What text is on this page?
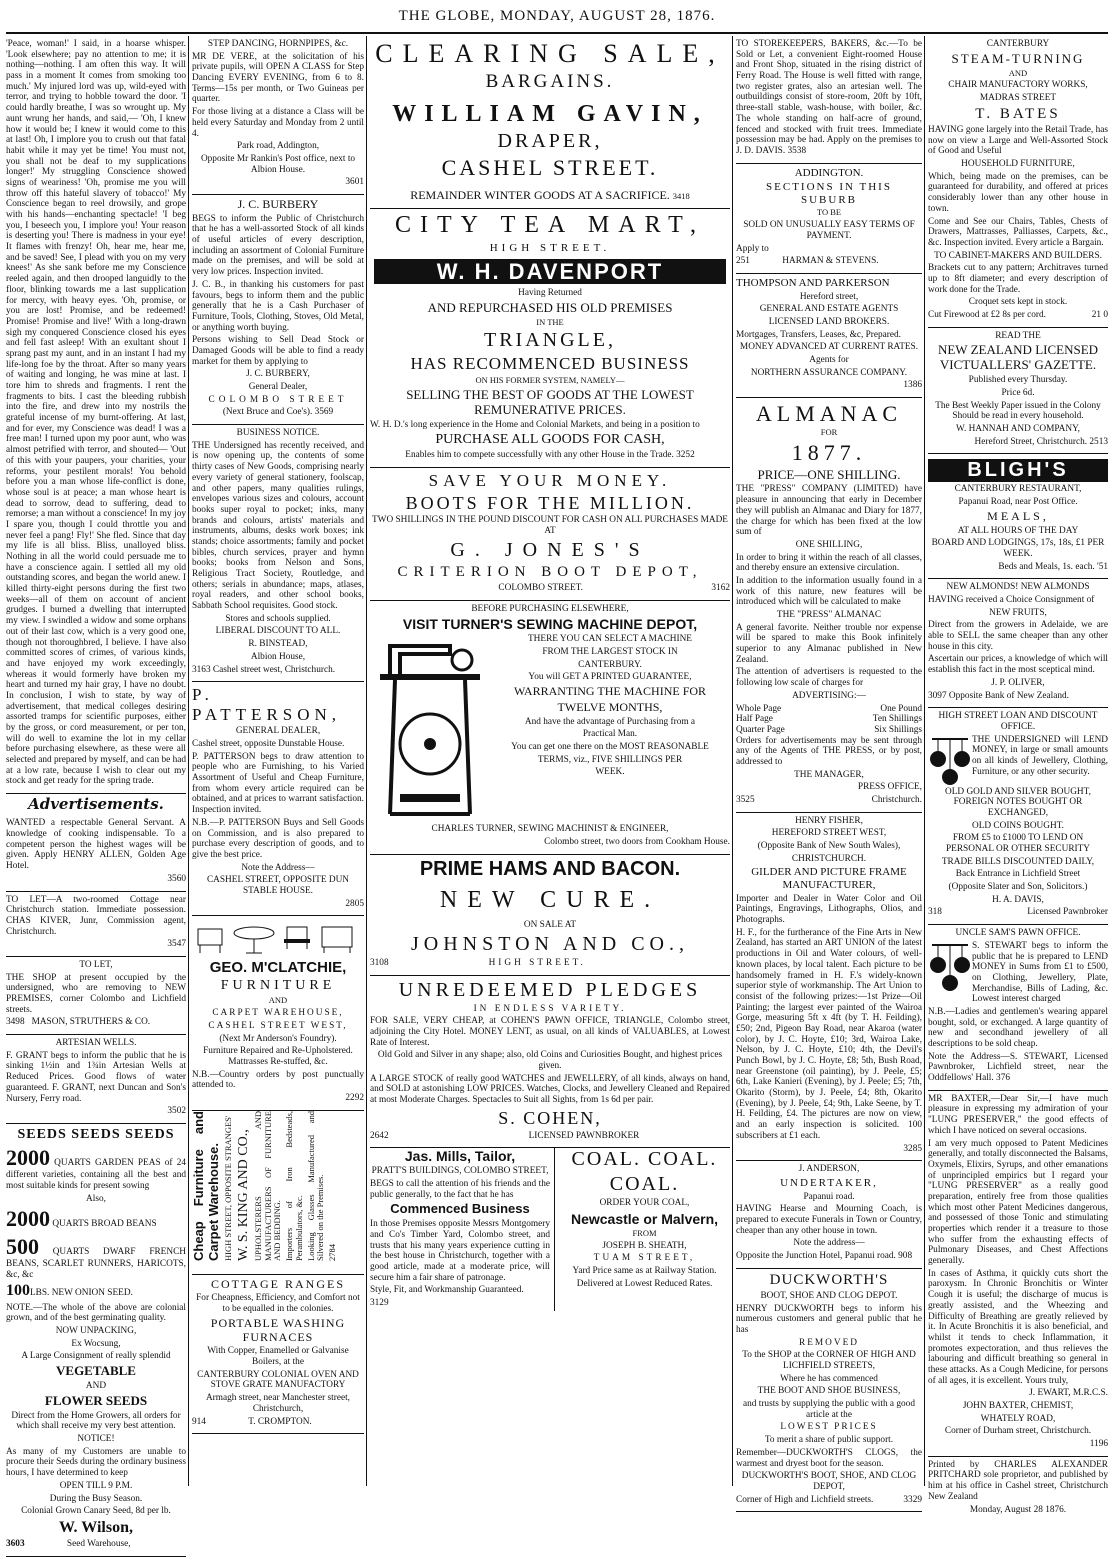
THE GLOBE, MONDAY, AUGUST 28, 1876.

'Peace, woman!' I said, in a hoarse whisper. 'Look elsewhere; pay no attention to me; it is nothing—nothing. I am often this way. It will pass in a moment It comes from smoking too much.' My injured lord was up, wild-eyed with terror, and trying to hobble toward the door. 'I could hardly breathe, I was so wrought up. My aunt wrung her hands, and said,— 'Oh, I knew how it would be; I knew it would come to this at last! Oh, I implore you to crush out that fatal habit while it may yet be time! You must not, you shall not be deaf to my supplications longer!' My struggling Conscience showed signs of weariness! 'Oh, promise me you will throw off this hateful slavery of tobacco!' My Conscience began to reel drowsily, and grope with his hands—enchanting spectacle! 'I beg you, I beseech you, I implore you! Your reason is deserting you! There is madness in your eye! It flames with frenzy! Oh, hear me, hear me, and be saved! See, I plead with you on my very knees!' As she sank before me my Conscience reeled again, and then drooped languidly to the floor, blinking towards me a last supplication for mercy, with heavy eyes. 'Oh, promise, or you are lost! Promise, and be redeemed! Promise! Promise and live!' With a long-drawn sigh my conquered Conscience closed his eyes and fell fast asleep! With an exultant shout I sprang past my aunt, and in an instant I had my life-long foe by the throat. After so many years of waiting and longing, he was mine at last. I tore him to shreds and fragments. I rent the fragments to bits. I cast the bleeding rubbish into the fire, and drew into my nostrils the grateful incense of my burnt-offering. At last, and for ever, my Conscience was dead! I was a free man! I turned upon my poor aunt, who was almost petrified with terror, and shouted— 'Out of this with your paupers, your charities, your reforms, your pestilent morals! You behold before you a man whose life-conflict is done, whose soul is at peace; a man whose heart is dead to sorrow, dead to suffering, dead to remorse; a man without a conscience! In my joy I spare you, though I could throttle you and never feel a pang! Fly!' She fled. Since that day my life is all bliss. Bliss, unalloyed bliss. Nothing in all the world could persuade me to have a conscience again. I settled all my old outstanding scores, and began the world anew. I killed thirty-eight persons during the first two weeks—all of them on account of ancient grudges. I burned a dwelling that interrupted my view. I swindled a widow and some orphans out of their last cow, which is a very good one, though not thoroughbred, I believe. I have also committed scores of crimes, of various kinds, and have enjoyed my work exceedingly, whereas it would formerly have broken my heart and turned my hair gray, I have no doubt. In conclusion, I wish to state, by way of advertisement, that medical colleges desiring assorted tramps for scientific purposes, either by the gross, or cord measurement, or per ton, will do well to examine the lot in my cellar before purchasing elsewhere, as these were all selected and prepared by myself, and can be had at a low rate, because I wish to clear out my stock and get ready for the spring trade.

Advertisements.

WANTED a respectable General Servant. A knowledge of cooking indispensable. To a competent person the highest wages will be given. Apply HENRY ALLEN, Golden Age Hotel.

3560

TO LET—A two-roomed Cottage near Christchurch station. Immediate possession. CHAS KIVER, Junr, Commission agent, Christchurch.

3547

TO LET,

THE SHOP at present occupied by the undersigned, who are removing to NEW PREMISES, corner Colombo and Lichfield streets.

3498 MASON, STRUTHERS & CO.

ARTESIAN WELLS.

F. GRANT begs to inform the public that he is sinking 1½in and 1¾in Artesian Wells at Reduced Prices. Good flows of water guaranteed. F. GRANT, next Duncan and Son's Nursery, Ferry road.

3502

SEEDS SEEDS SEEDS

2000 QUARTS GARDEN PEAS of 24 different varieties, containing all the best and most suitable kinds for present sowing

Also,

2000 QUARTS BROAD BEANS

500 QUARTS DWARF FRENCH BEANS, SCARLET RUNNERS, HARICOTS, &c, &c

100LBS. NEW ONION SEED.

NOTE.—The whole of the above are colonial grown, and of the best germinating quality.

NOW UNPACKING,

Ex Wocsung,

A Large Consignment of really splendid

VEGETABLE

AND

FLOWER SEEDS

Direct from the Home Growers, all orders for which shall receive my very best attention.

NOTICE!

As many of my Customers are unable to procure their Seeds during the ordinary business hours, I have determined to keep

OPEN TILL 9 P.M.

During the Busy Season.

Colonial Grown Canary Seed, 8d per lb.

W. Wilson,

3603	Seed Warehouse,

STEP DANCING, HORNPIPES, &c.

MR DE VERE, at the solicitation of his private pupils, will OPEN A CLASS for Step Dancing EVERY EVENING, from 6 to 8. Terms—15s per month, or Two Guineas per quarter.

For those living at a distance a Class will be held every Saturday and Monday from 2 until 4.

Park road, Addington,

Opposite Mr Rankin's Post office, next to Albion House.

3601

J. C. BURBERY

BEGS to inform the Public of Christchurch that he has a well-assorted Stock of all kinds of useful articles of every description, including an assortment of Colonial Furniture made on the premises, and will be sold at very low prices. Inspection invited.

J. C. B., in thanking his customers for past favours, begs to inform them and the public generally that he is a Cash Purchaser of Furniture, Tools, Clothing, Stoves, Old Metal, or anything worth buying.

Persons wishing to Sell Dead Stock or Damaged Goods will be able to find a ready market for them by applying to

J. C. BURBERY,

General Dealer,

COLOMBO STREET

(Next Bruce and Coe's). 3569

BUSINESS NOTICE.

THE Undersigned has recently received, and is now opening up, the contents of some thirty cases of New Goods, comprising nearly every variety of general stationery, foolscap, and other papers, many qualities rulings, envelopes various sizes and colours, account books super royal to pocket; inks, many brands and colours, artists' materials and instruments, albums, desks work boxes; ink stands; choice assortments; family and pocket bibles, church services, prayer and hymn books; books from Nelson and Sons, Religious Tract Society, Routledge, and others; serials in abundance; maps, atlases, royal readers, and other school books, Sabbath School requisites. Good stock.

Stores and schools supplied.

LIBERAL DISCOUNT TO ALL.

R. BINSTEAD,

Albion House,

3163 Cashel street west, Christchurch.

P. PATTERSON,

GENERAL DEALER,

Cashel street, opposite Dunstable House.

P. PATTERSON begs to draw attention to people who are Furnishing, to his Varied Assortment of Useful and Cheap Furniture, from whom every article required can be obtained, and at prices to warrant satisfaction. Inspection invited.

N.B.—P. PATTERSON Buys and Sell Goods on Commission, and is also prepared to purchase every description of goods, and to give the best price.

Note the Address—

CASHEL STREET, OPPOSITE DUN STABLE HOUSE.

2805

GEO. M'CLATCHIE,

FURNITURE

AND

CARPET WAREHOUSE,

CASHEL STREET WEST,

(Next Mr Anderson's Foundry).

Furniture Repaired and Re-Upholstered. Mattrasses Re-stuffed, &c.

N.B.—Country orders by post punctually attended to.

2292

Cheap Furniture and Carpet Warehouse. HIGH STREET, OPPOSITE STRANGES' W. S. KING AND CO., UPHOLSTERERS AND MANUFACTURERS OF FURNITURE AND BEDDING. Importers of Iron Bedsteads, Perambulators, &c. Looking Glasses Manufactured and Silvered on the Premises. 2784

COTTAGE RANGES

For Cheapness, Efficiency, and Comfort not to be equalled in the colonies.

PORTABLE WASHING FURNACES

With Copper, Enamelled or Galvanise Boilers, at the

CANTERBURY COLONIAL OVEN AND STOVE GRATE MANUFACTORY

Armagh street, near Manchester street, Christchurch,

914	T. CROMPTON.

CLEARING SALE,

BARGAINS.

WILLIAM GAVIN,

DRAPER,

CASHEL STREET.

REMAINDER WINTER GOODS AT A SACRIFICE. 3418

CITY TEA MART,

HIGH STREET.

W. H. DAVENPORT

Having Returned

AND REPURCHASED HIS OLD PREMISES

IN THE

TRIANGLE,

HAS RECOMMENCED BUSINESS

ON HIS FORMER SYSTEM, NAMELY—

SELLING THE BEST OF GOODS AT THE LOWEST REMUNERATIVE PRICES.

W. H. D.'s long experience in the Home and Colonial Markets, and being in a position to

PURCHASE ALL GOODS FOR CASH,

Enables him to compete successfully with any other House in the Trade. 3252

SAVE YOUR MONEY.

BOOTS FOR THE MILLION.

TWO SHILLINGS IN THE POUND DISCOUNT FOR CASH ON ALL PURCHASES MADE AT

G. JONES'S

CRITERION BOOT DEPOT,

COLOMBO STREET.	3162

BEFORE PURCHASING ELSEWHERE,

VISIT TURNER'S SEWING MACHINE DEPOT,

THERE YOU CAN SELECT A MACHINE

FROM THE LARGEST STOCK IN

CANTERBURY.

You will GET A PRINTED GUARANTEE,

WARRANTING THE MACHINE FOR

TWELVE MONTHS,

And have the advantage of Purchasing from a

Practical Man.

You can get one there on the MOST REASONABLE

TERMS, viz., FIVE SHILLINGS PER

WEEK.

CHARLES TURNER, SEWING MACHINIST & ENGINEER,

Colombo street, two doors from Cookham House.

PRIME HAMS AND BACON.

NEW CURE.

ON SALE AT

JOHNSTON AND CO.,

3108	HIGH STREET.

UNREDEEMED PLEDGES

IN ENDLESS VARIETY.

FOR SALE, VERY CHEAP, at COHEN'S PAWN OFFICE, TRIANGLE, Colombo street, adjoining the City Hotel. MONEY LENT, as usual, on all kinds of VALUABLES, at Lowest Rate of Interest.

Old Gold and Silver in any shape; also, old Coins and Curiosities Bought, and highest prices given.

A LARGE STOCK of really good WATCHES and JEWELLERY, of all kinds, always on hand, and SOLD at astonishing LOW PRICES. Watches, Clocks, and Jewellery Cleaned and Repaired at most Moderate Charges. Spectacles to Suit all Sights, from 1s 6d per pair.

S. COHEN,

2642	LICENSED PAWNBROKER

Jas. Mills, Tailor,

PRATT'S BUILDINGS, COLOMBO STREET,

BEGS to call the attention of his friends and the public generally, to the fact that he has

Commenced Business

In those Premises opposite Messrs Montgomery and Co's Timber Yard, Colombo street, and trusts that his many years experience cutting in the best house in Christchurch, together with a good article, made at a moderate price, will secure him a fair share of patronage.

Style, Fit, and Workmanship Guaranteed.

3129

COAL. COAL.

COAL.

ORDER YOUR COAL,

Newcastle or Malvern,

FROM

JOSEPH B. SHEATH,

TUAM STREET,

Yard Price same as at Railway Station.

Delivered at Lowest Reduced Rates.

TO STOREKEEPERS, BAKERS, &c.—To be Sold or Let, a convenient Eight-roomed House and Front Shop, situated in the rising district of Ferry Road. The House is well fitted with range, two register grates, also an artesian well. The outbuildings consist of store-room, 20ft by 10ft, three-stall stable, wash-house, with boiler, &c. The whole standing on half-acre of ground, fenced and stocked with fruit trees. Immediate possession may be had. Apply on the premises to J. D. DAVIS. 3538

ADDINGTON.

SECTIONS IN THIS SUBURB

TO BE

SOLD ON UNUSUALLY EASY TERMS OF PAYMENT.

Apply to

251	HARMAN & STEVENS.

THOMPSON AND PARKERSON

Hereford street,

GENERAL AND ESTATE AGENTS

LICENSED LAND BROKERS.

Mortgages, Transfers, Leases, &c, Prepared.

MONEY ADVANCED AT CURRENT RATES.

Agents for

NORTHERN ASSURANCE COMPANY.

1386

ALMANAC

FOR

1877.

PRICE—ONE SHILLING.

THE "PRESS" COMPANY (LIMITED) have pleasure in announcing that early in December they will publish an Almanac and Diary for 1877, the charge for which has been fixed at the low sum of

ONE SHILLING,

In order to bring it within the reach of all classes, and thereby ensure an extensive circulation.

In addition to the information usually found in a work of this nature, new features will be introduced which will be calculated to make

THE "PRESS" ALMANAC

A general favorite. Neither trouble nor expense will be spared to make this Book infinitely superior to any Almanac published in New Zealand.

The attention of advertisers is requested to the following low scale of charges for

ADVERTISING:—

Whole Page	One Pound
Half Page	Ten Shillings
Quarter Page	Six Shillings

Orders for advertisements may be sent through any of the Agents of THE PRESS, or by post, addressed to

THE MANAGER,

PRESS OFFICE,

3525	Christchurch.

HENRY FISHER,

HEREFORD STREET WEST,

(Opposite Bank of New South Wales),

CHRISTCHURCH.

GILDER AND PICTURE FRAME MANUFACTURER,

Importer and Dealer in Water Color and Oil Paintings, Engravings, Lithographs, Olios, and Photographs.

H. F., for the furtherance of the Fine Arts in New Zealand, has started an ART UNION of the latest productions in Oil and Water colours, of well-known places, by local talent. Each picture to be handsomely framed in H. F.'s widely-known superior style of workmanship. The Art Union to consist of the following prizes:—1st Prize—Oil Painting; the largest ever painted of the Wairoa Gorge, measuring 5ft x 4ft (by T. H. Feilding), £50; 2nd, Pigeon Bay Road, near Akaroa (water color), by J. C. Hoyte, £10; 3rd, Wairoa Lake, Nelson, by J. C. Hoyte, £10; 4th, the Devil's Punch Bowl, by J. C. Hoyte, £8; 5th, Bush Road, near Greenstone (oil painting), by J. Peele, £5; 6th, Lake Kanieri (Evening), by J. Peele; £5; 7th, Okarito (Storm), by J. Peele, £4; 8th, Okarito (Evening), by J. Peele, £4; 9th, Lake Seene, by T. H. Feilding, £4. The pictures are now on view, and an early inspection is solicited. 100 subscribers at £1 each.

3285

J. ANDERSON,

UNDERTAKER,

Papanui road.

HAVING Hearse and Mourning Coach, is prepared to execute Funerals in Town or Country, cheaper than any other house in town.

Note the address—

Opposite the Junction Hotel, Papanui road. 908

DUCKWORTH'S

BOOT, SHOE AND CLOG DEPOT.

HENRY DUCKWORTH begs to inform his numerous customers and general public that he has

REMOVED

To the SHOP at the CORNER OF HIGH AND LICHFIELD STREETS,

Where he has commenced

THE BOOT AND SHOE BUSINESS,

and trusts by supplying the public with a good article at the

LOWEST PRICES

To merit a share of public support.

Remember—DUCKWORTH'S CLOGS, the warmest and dryest boot for the season.

DUCKWORTH'S BOOT, SHOE, AND CLOG DEPOT,

Corner of High and Lichfield streets.	3329

CANTERBURY

STEAM-TURNING

AND

CHAIR MANUFACTORY WORKS,

MADRAS STREET

T. BATES

HAVING gone largely into the Retail Trade, has now on view a Large and Well-Assorted Stock of Good and Useful

HOUSEHOLD FURNITURE,

Which, being made on the premises, can be guaranteed for durability, and offered at prices considerably lower than any other house in town.

Come and See our Chairs, Tables, Chests of Drawers, Mattrasses, Palliasses, Carpets, &c., &c. Inspection invited. Every article a Bargain.

TO CABINET-MAKERS AND BUILDERS.

Brackets cut to any pattern; Architraves turned up to 8ft diameter; and every description of work done for the Trade.

Croquet sets kept in stock.

Cut Firewood at £2 8s per cord.	21 0

READ THE

NEW ZEALAND LICENSED VICTUALLERS' GAZETTE.

Published every Thursday.

Price 6d.

The Best Weekly Paper issued in the Colony Should be read in every household.

W. HANNAH AND COMPANY,

Hereford Street, Christchurch. 2513

BLIGH'S

CANTERBURY RESTAURANT,

Papanui Road, near Post Office.

MEALS,

AT ALL HOURS OF THE DAY

BOARD AND LODGINGS, 17s, 18s, £1 PER WEEK.

Beds and Meals, 1s. each. '51

NEW ALMONDS! NEW ALMONDS

HAVING received a Choice Consignment of

NEW FRUITS,

Direct from the growers in Adelaide, we are able to SELL the same cheaper than any other house in this city.

Ascertain our prices, a knowledge of which will establish this fact in the most sceptical mind.

J. P. OLIVER,

3097 Opposite Bank of New Zealand.

HIGH STREET LOAN AND DISCOUNT OFFICE.

THE UNDERSIGNED will LEND MONEY, in large or small amounts on all kinds of Jewellery, Clothing, Furniture, or any other security.

OLD GOLD AND SILVER BOUGHT, FOREIGN NOTES BOUGHT OR EXCHANGED,

OLD COINS BOUGHT.

FROM £5 to £1000 TO LEND ON PERSONAL OR OTHER SECURITY

TRADE BILLS DISCOUNTED DAILY,

Back Entrance in Lichfield Street

(Opposite Slater and Son, Solicitors.)

H. A. DAVIS,

318	Licensed Pawnbroker

UNCLE SAM'S PAWN OFFICE.

S. STEWART begs to inform the public that he is prepared to LEND MONEY in Sums from £1 to £500, on Clothing, Jewellery, Plate, Merchandise, Bills of Lading, &c. Lowest interest charged

N.B.—Ladies and gentlemen's wearing apparel bought, sold, or exchanged. A large quantity of new and secondhand jewellery of all descriptions to be sold cheap.

Note the Address—S. STEWART, Licensed Pawnbroker, Lichfield street, near the Oddfellows' Hall. 376

MR BAXTER,—Dear Sir,—I have much pleasure in expressing my admiration of your "LUNG PRESERVER," the good effects of which I have noticed on several occasions.

I am very much opposed to Patent Medicines generally, and totally disconnected the Balsams, Oxymels, Elixirs, Syrups, and other emanations of unprincipled empirics but I regard your "LUNG PRESERVER" as a really good preparation, entirely free from those qualities which most other Patent Medicines dangerous, and possessed of those Tonic and stimulating properties which render it a treasure to those who suffer from the exhausting effects of Pulmonary Diseases, and Chest Affections generally.

In cases of Asthma, it quickly cuts short the paroxysm. In Chronic Bronchitis or Winter Cough it is useful; the discharge of mucus is greatly assisted, and the Wheezing and Difficulty of Breathing are greatly relieved by it. In Acute Bronchitis it is also beneficial, and whilst it tends to check Inflammation, it promotes expectoration, and thus relieves the labouring and difficult breathing so general in these attacks. As a Cough Medicine, for persons of all ages, it is excellent. Yours truly,

J. EWART, M.R.C.S.

JOHN BAXTER, CHEMIST,

WHATELY ROAD,

Corner of Durham street, Christchurch.

1196

Printed by CHARLES ALEXANDER PRITCHARD sole proprietor, and published by him at his office in Cashel street, Christchurch New Zealand

Monday, August 28 1876.
